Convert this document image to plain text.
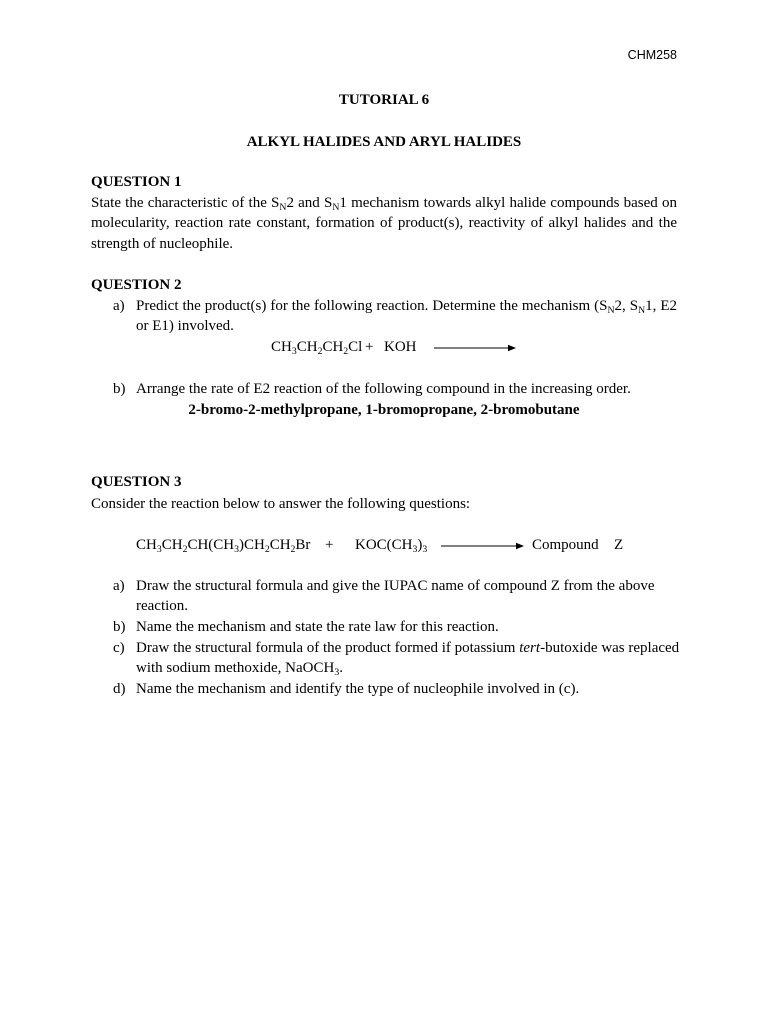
CHM258
TUTORIAL 6
ALKYL HALIDES AND ARYL HALIDES
QUESTION 1
State the characteristic of the $S_N2$ and $S_N1$ mechanism towards alkyl halide compounds based on
molecularity, reaction rate constant, formation of product(s), reactivity of alkyl halides and the
strength of nucleophile.
QUESTION 2
a) Predict the product(s) for the following reaction. Determine the mechanism ($S_N2$, $S_N1$, E2
or E1) involved.
$CH_3CH_2CH_2Cl$ + KOH
b) Arrange the rate of E2 reaction of the following compound in the increasing order.
2-bromo-2-methylpropane, 1-bromopropane, 2-bromobutane
QUESTION 3
Consider the reaction below to answer the following questions:
$CH_3CH_2CH(CH_3)CH_2CH_2Br + KOC(CH_3)_3$	Compound Z
a) Draw the structural formula and give the IUPAC name of compound Z from the above
reaction.
b) Name the mechanism and state the rate law for this reaction.
c) Draw the structural formula of the product formed if potassium tert-butoxide was replaced
with sodium methoxide, NaOCH$_3$.
d) Name the mechanism and identify the type of nucleophile involved in (c).
